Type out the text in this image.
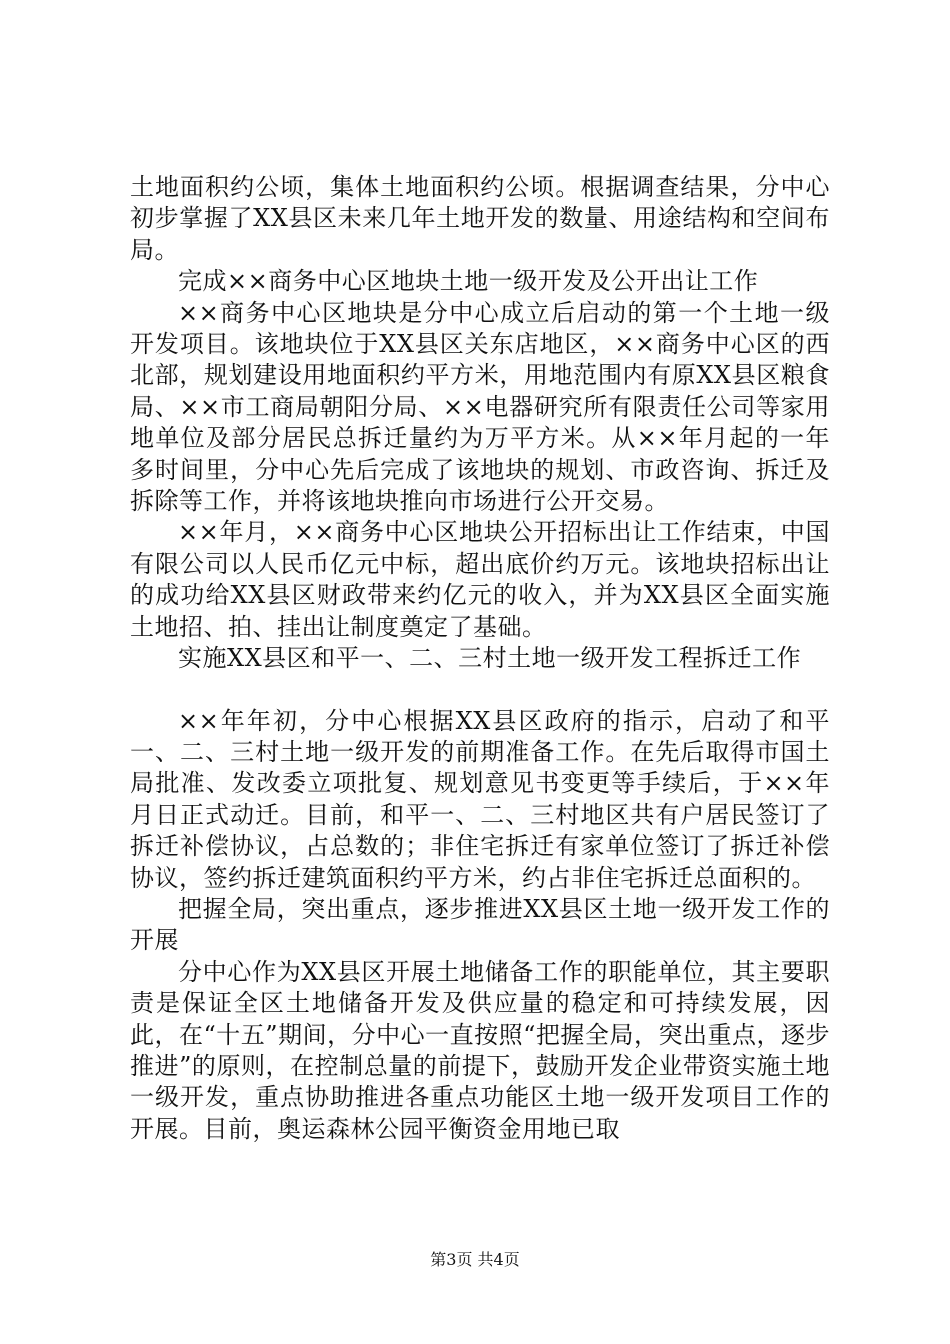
土地面积约公顷，集体土地面积约公顷。根据调查结果，分中心初步掌握了XX县区未来几年土地开发的数量、用途结构和空间布局。

完成××商务中心区地块土地一级开发及公开出让工作

××商务中心区地块是分中心成立后启动的第一个土地一级开发项目。该地块位于XX县区关东店地区，××商务中心区的西北部，规划建设用地面积约平方米，用地范围内有原XX县区粮食局、××市工商局朝阳分局、××电器研究所有限责任公司等家用地单位及部分居民总拆迁量约为万平方米。从××年月起的一年多时间里，分中心先后完成了该地块的规划、市政咨询、拆迁及拆除等工作，并将该地块推向市场进行公开交易。

××年月，××商务中心区地块公开招标出让工作结束，中国有限公司以人民币亿元中标，超出底价约万元。该地块招标出让的成功给XX县区财政带来约亿元的收入，并为XX县区全面实施土地招、拍、挂出让制度奠定了基础。

实施XX县区和平一、二、三村土地一级开发工程拆迁工作

××年年初，分中心根据XX县区政府的指示，启动了和平一、二、三村土地一级开发的前期准备工作。在先后取得市国土局批准、发改委立项批复、规划意见书变更等手续后，于××年月日正式动迁。目前，和平一、二、三村地区共有户居民签订了拆迁补偿协议，占总数的；非住宅拆迁有家单位签订了拆迁补偿协议，签约拆迁建筑面积约平方米，约占非住宅拆迁总面积的。

把握全局，突出重点，逐步推进XX县区土地一级开发工作的开展

分中心作为XX县区开展土地储备工作的职能单位，其主要职责是保证全区土地储备开发及供应量的稳定和可持续发展，因此，在“十五”期间，分中心一直按照“把握全局，突出重点，逐步推进”的原则，在控制总量的前提下，鼓励开发企业带资实施土地一级开发，重点协助推进各重点功能区土地一级开发项目工作的开展。目前，奥运森林公园平衡资金用地已取

第3页 共4页
